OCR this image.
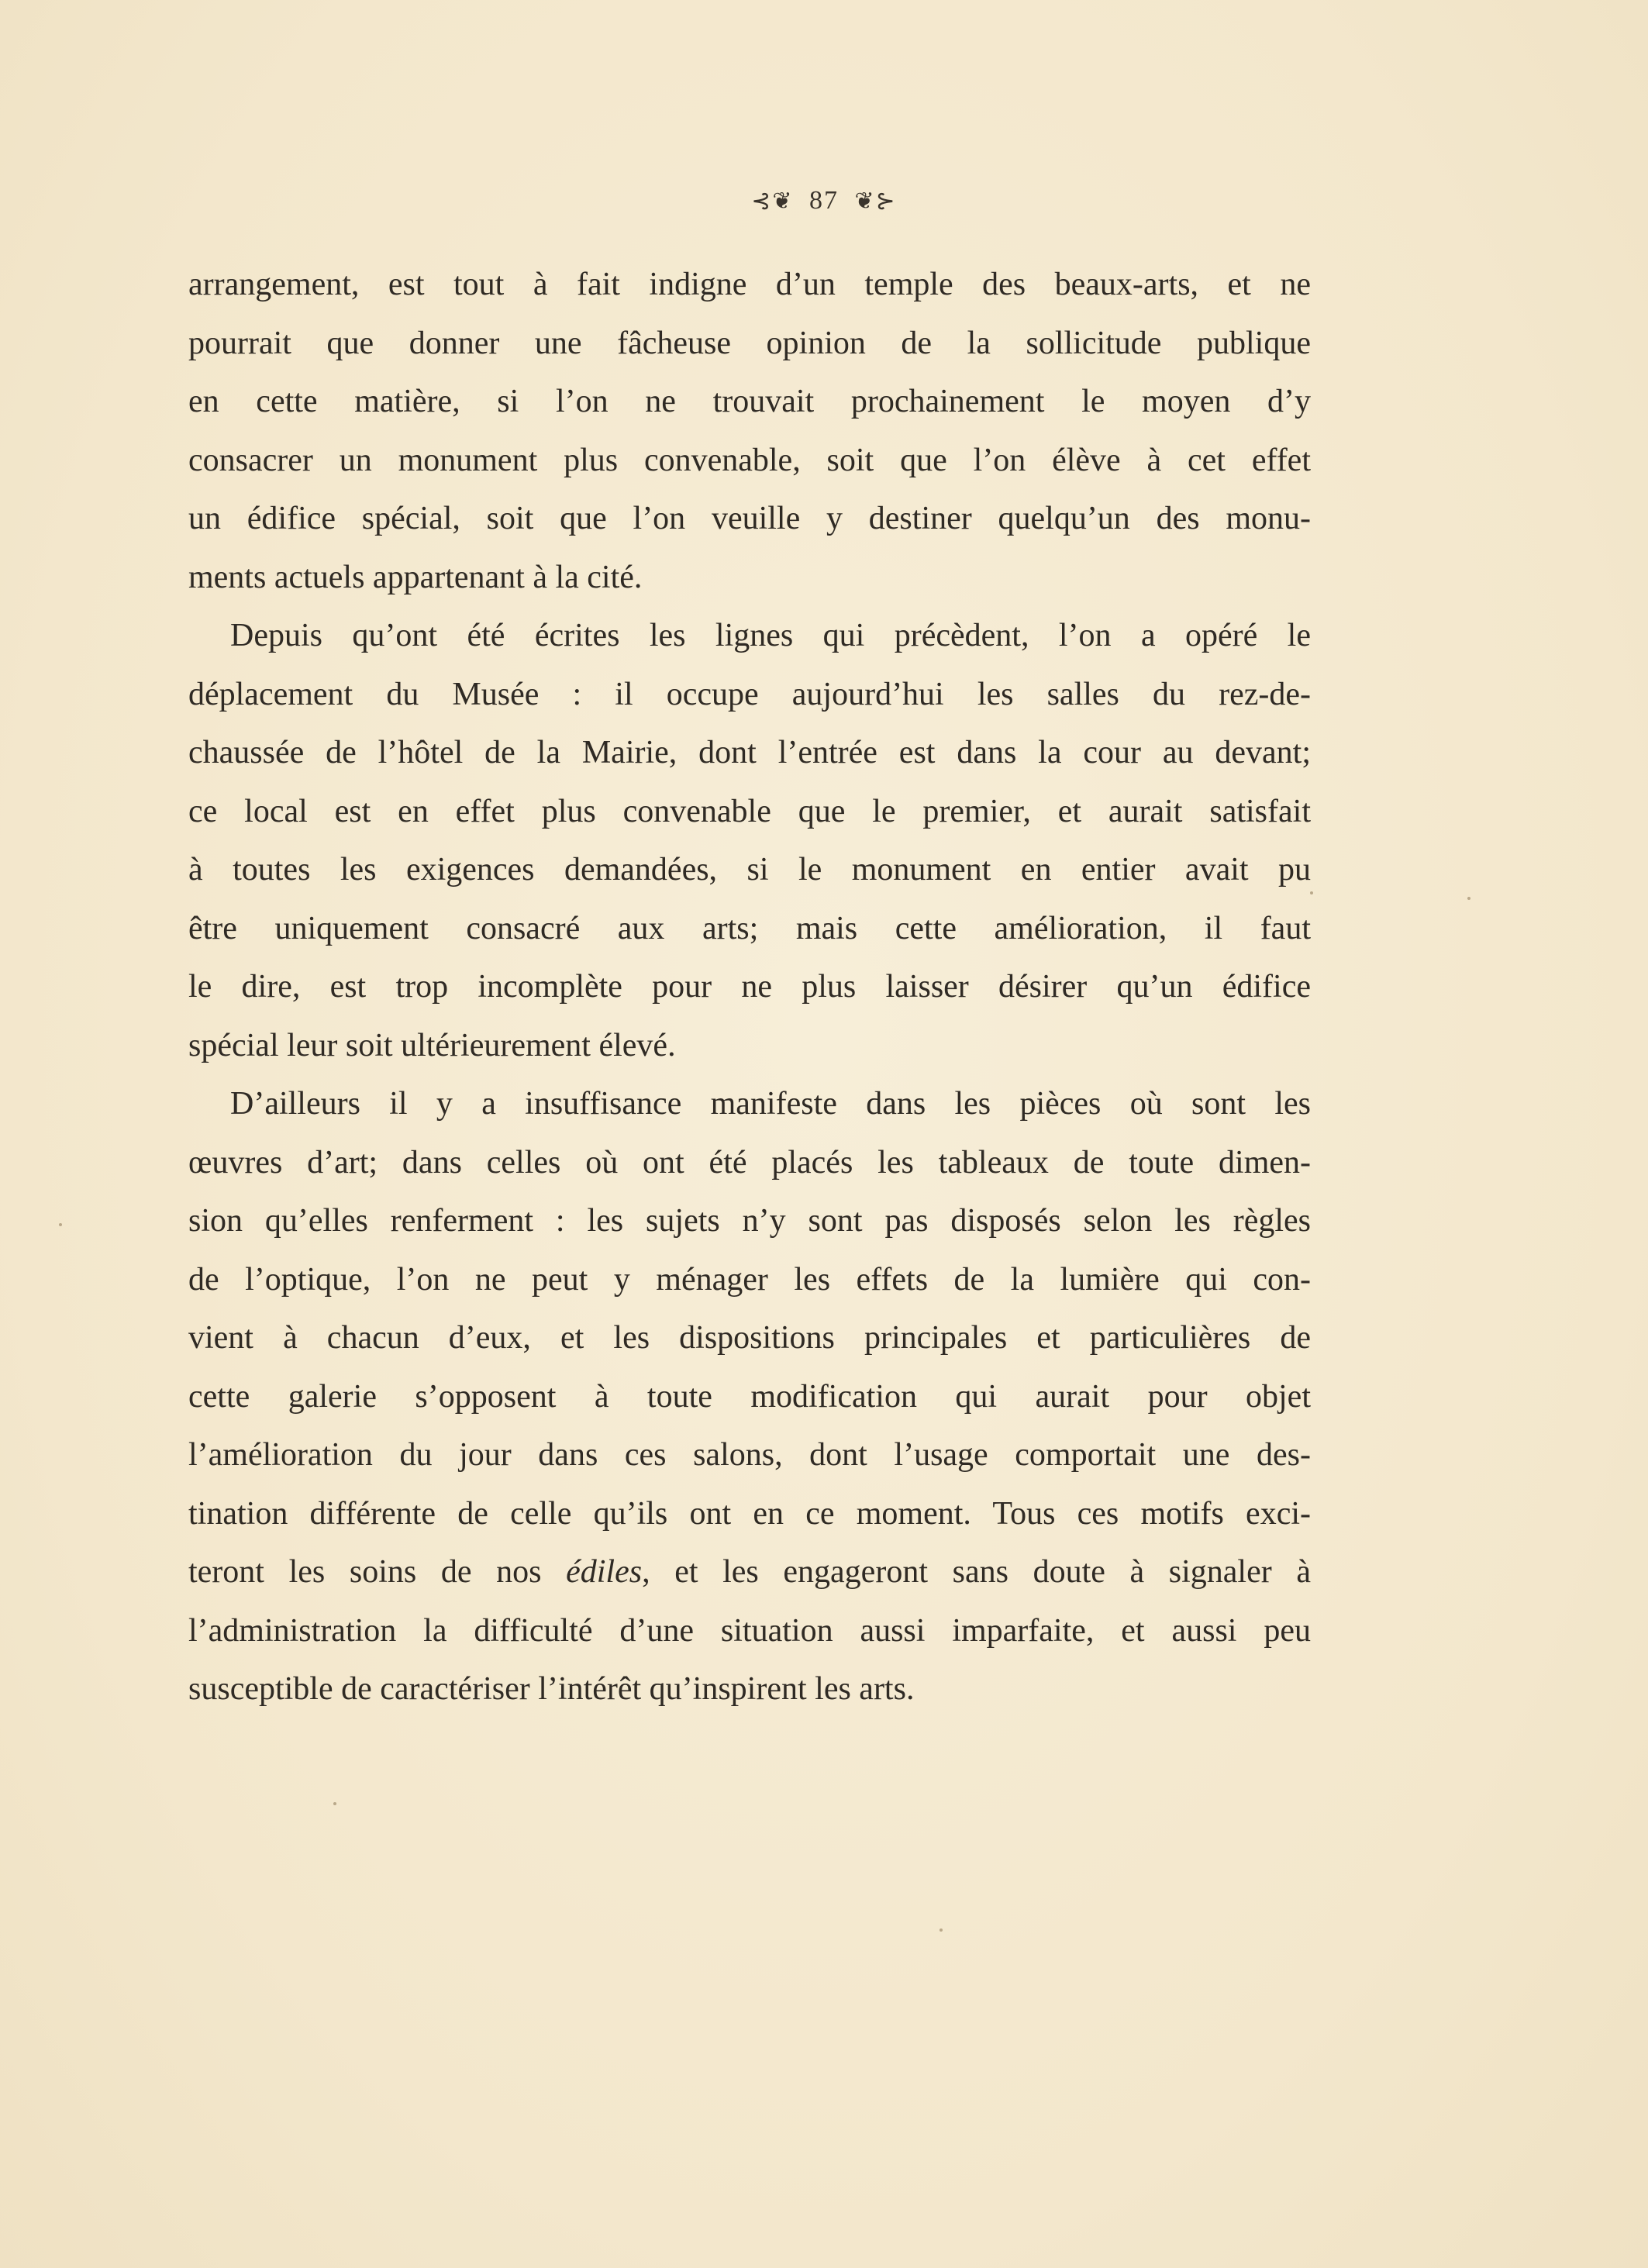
⊰❦ 87 ❦⊱

arrangement, est tout à fait indigne d’un temple des beaux-arts, et ne
pourrait que donner une fâcheuse opinion de la sollicitude publique
en cette matière, si l’on ne trouvait prochainement le moyen d’y
consacrer un monument plus convenable, soit que l’on élève à cet effet
un édifice spécial, soit que l’on veuille y destiner quelqu’un des monu-
ments actuels appartenant à la cité.

Depuis qu’ont été écrites les lignes qui précèdent, l’on a opéré le
déplacement du Musée : il occupe aujourd’hui les salles du rez-de-
chaussée de l’hôtel de la Mairie, dont l’entrée est dans la cour au devant;
ce local est en effet plus convenable que le premier, et aurait satisfait
à toutes les exigences demandées, si le monument en entier avait pu
être uniquement consacré aux arts; mais cette amélioration, il faut
le dire, est trop incomplète pour ne plus laisser désirer qu’un édifice
spécial leur soit ultérieurement élevé.

D’ailleurs il y a insuffisance manifeste dans les pièces où sont les
œuvres d’art; dans celles où ont été placés les tableaux de toute dimen-
sion qu’elles renferment : les sujets n’y sont pas disposés selon les règles
de l’optique, l’on ne peut y ménager les effets de la lumière qui con-
vient à chacun d’eux, et les dispositions principales et particulières de
cette galerie s’opposent à toute modification qui aurait pour objet
l’amélioration du jour dans ces salons, dont l’usage comportait une des-
tination différente de celle qu’ils ont en ce moment. Tous ces motifs exci-
teront les soins de nos édiles, et les engageront sans doute à signaler à
l’administration la difficulté d’une situation aussi imparfaite, et aussi peu
susceptible de caractériser l’intérêt qu’inspirent les arts.
